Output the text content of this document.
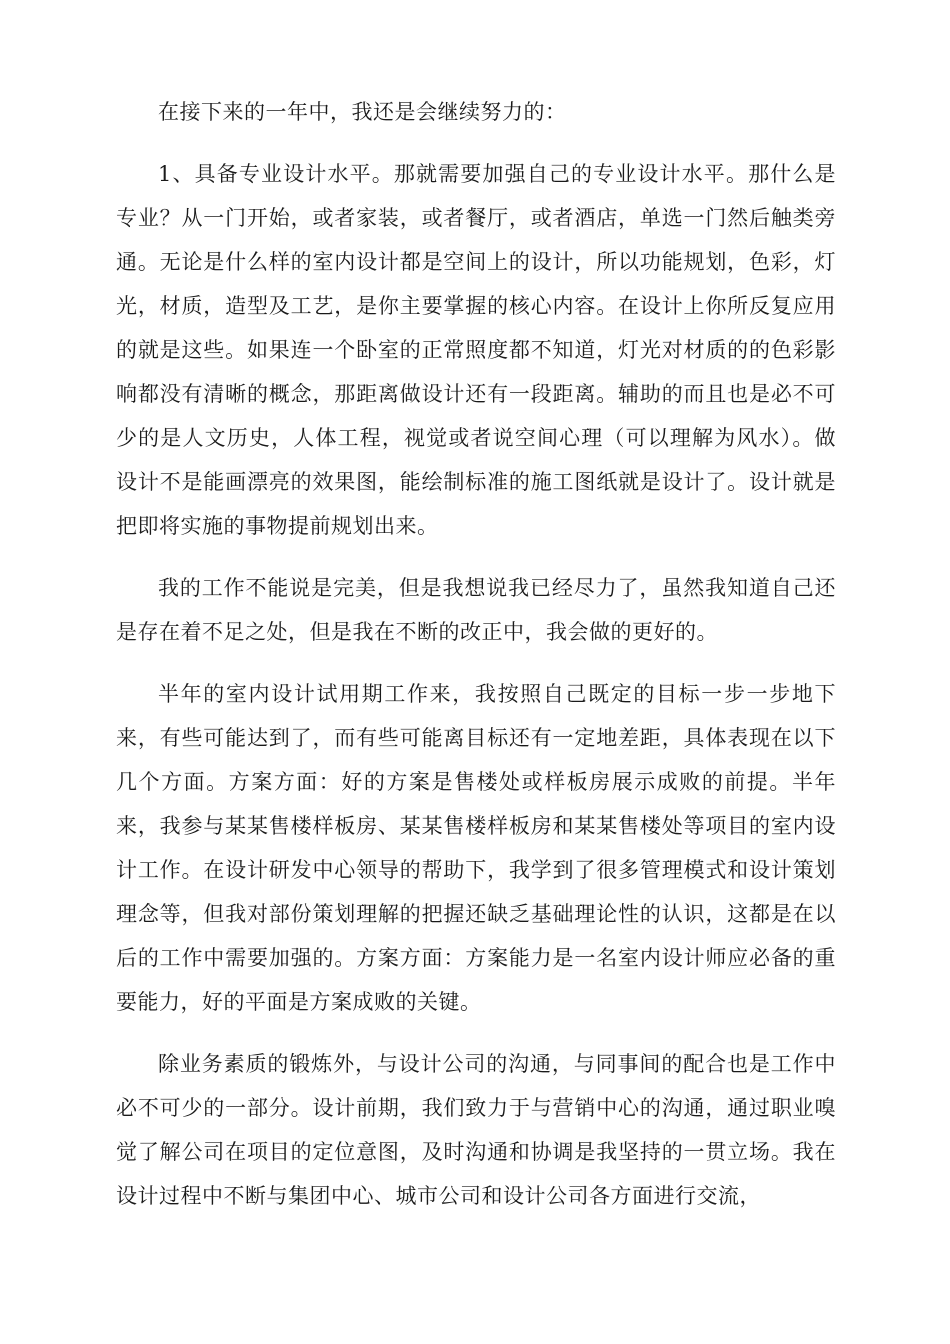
在接下来的一年中，我还是会继续努力的：

1、具备专业设计水平。那就需要加强自己的专业设计水平。那什么是专业？从一门开始，或者家装，或者餐厅，或者酒店，单选一门然后触类旁通。无论是什么样的室内设计都是空间上的设计，所以功能规划，色彩，灯光，材质，造型及工艺，是你主要掌握的核心内容。在设计上你所反复应用的就是这些。如果连一个卧室的正常照度都不知道，灯光对材质的的色彩影响都没有清晰的概念，那距离做设计还有一段距离。辅助的而且也是必不可少的是人文历史，人体工程，视觉或者说空间心理（可以理解为风水）。做设计不是能画漂亮的效果图，能绘制标准的施工图纸就是设计了。设计就是把即将实施的事物提前规划出来。

我的工作不能说是完美，但是我想说我已经尽力了，虽然我知道自己还是存在着不足之处，但是我在不断的改正中，我会做的更好的。

半年的室内设计试用期工作来，我按照自己既定的目标一步一步地下来，有些可能达到了，而有些可能离目标还有一定地差距，具体表现在以下几个方面。方案方面：好的方案是售楼处或样板房展示成败的前提。半年来，我参与某某售楼样板房、某某售楼样板房和某某售楼处等项目的室内设计工作。在设计研发中心领导的帮助下，我学到了很多管理模式和设计策划理念等，但我对部份策划理解的把握还缺乏基础理论性的认识，这都是在以后的工作中需要加强的。方案方面：方案能力是一名室内设计师应必备的重要能力，好的平面是方案成败的关键。

除业务素质的锻炼外，与设计公司的沟通，与同事间的配合也是工作中必不可少的一部分。设计前期，我们致力于与营销中心的沟通，通过职业嗅觉了解公司在项目的定位意图，及时沟通和协调是我坚持的一贯立场。我在设计过程中不断与集团中心、城市公司和设计公司各方面进行交流，
